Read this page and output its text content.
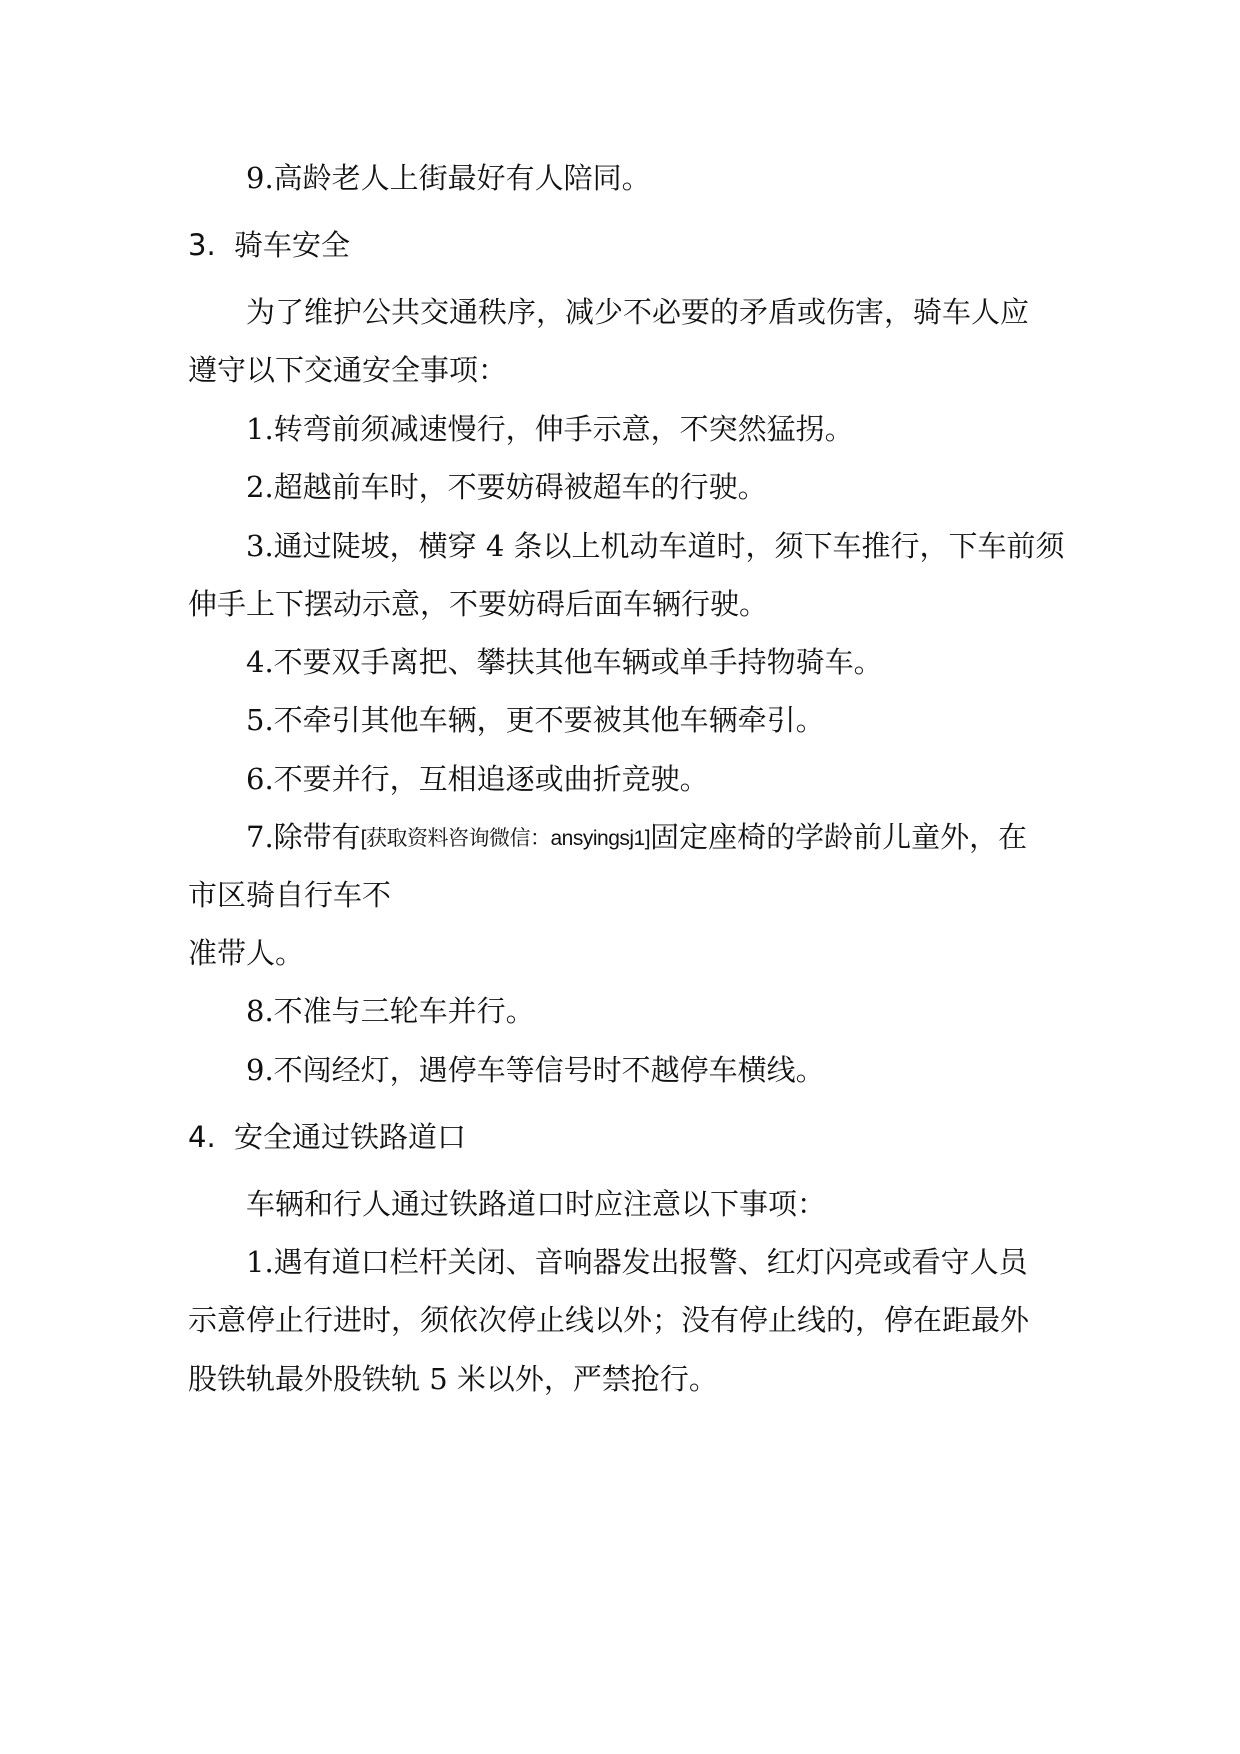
9.高龄老人上街最好有人陪同。
3. 骑车安全
为了维护公共交通秩序，减少不必要的矛盾或伤害，骑车人应
遵守以下交通安全事项：
1.转弯前须减速慢行，伸手示意，不突然猛拐。
2.超越前车时，不要妨碍被超车的行驶。
3.通过陡坡，横穿 4 条以上机动车道时，须下车推行，下车前须
伸手上下摆动示意，不要妨碍后面车辆行驶。
4.不要双手离把、攀扶其他车辆或单手持物骑车。
5.不牵引其他车辆，更不要被其他车辆牵引。
6.不要并行，互相追逐或曲折竞驶。
7.除带有[获取资料咨询微信：ansyingsj1]固定座椅的学龄前儿童外，在
市区骑自行车不
准带人。
8.不准与三轮车并行。
9.不闯经灯，遇停车等信号时不越停车横线。
4. 安全通过铁路道口
车辆和行人通过铁路道口时应注意以下事项：
1.遇有道口栏杆关闭、音响器发出报警、红灯闪亮或看守人员
示意停止行进时，须依次停止线以外；没有停止线的，停在距最外
股铁轨最外股铁轨 5 米以外，严禁抢行。
